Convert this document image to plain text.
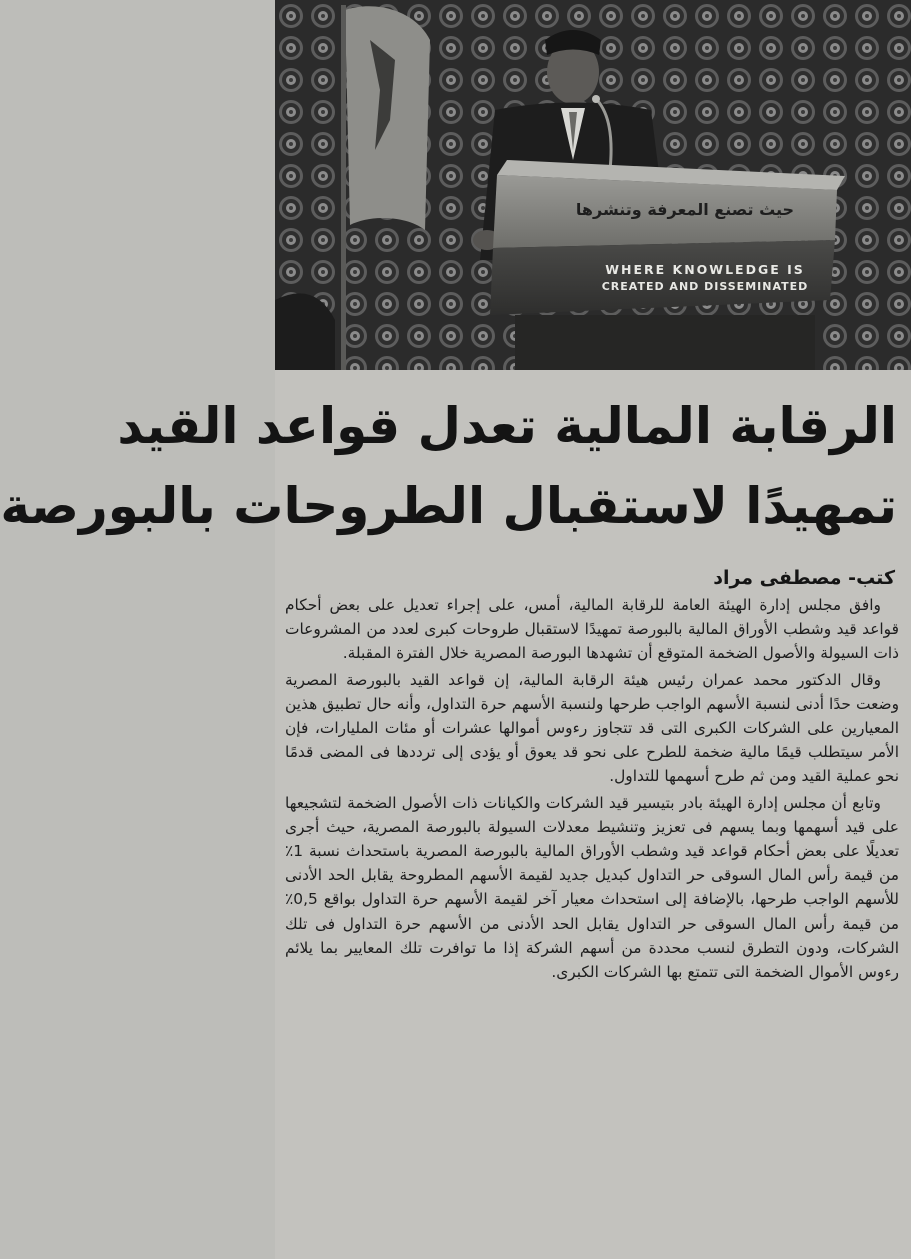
حيث تصنع المعرفة وتنشرها
WHERE KNOWLEDGE IS
CREATED AND DISSEMINATED
الرقابة المالية تعدل قواعد القيد
تمهيدًا لاستقبال الطروحات بالبورصة
كتب- مصطفى مراد

وافق مجلس إدارة الهيئة العامة للرقابة المالية، أمس، على إجراء تعديل على بعض أحكام قواعد قيد وشطب الأوراق المالية بالبورصة تمهيدًا لاستقبال طروحات كبرى لعدد من المشروعات ذات السيولة والأصول الضخمة المتوقع أن تشهدها البورصة المصرية خلال الفترة المقبلة.

وقال الدكتور محمد عمران رئيس هيئة الرقابة المالية، إن قواعد القيد بالبورصة المصرية وضعت حدًا أدنى لنسبة الأسهم الواجب طرحها ولنسبة الأسهم حرة التداول، وأنه حال تطبيق هذين المعيارين على الشركات الكبرى التى قد تتجاوز رءوس أموالها عشرات أو مئات المليارات، فإن الأمر سيتطلب قيمًا مالية ضخمة للطرح على نحو قد يعوق أو يؤدى إلى ترددها فى المضى قدمًا نحو عملية القيد ومن ثم طرح أسهمها للتداول.

وتابع أن مجلس إدارة الهيئة بادر بتيسير قيد الشركات والكيانات ذات الأصول الضخمة لتشجيعها على قيد أسهمها وبما يسهم فى تعزيز وتنشيط معدلات السيولة بالبورصة المصرية، حيث أجرى تعديلًا على بعض أحكام قواعد قيد وشطب الأوراق المالية بالبورصة المصرية باستحداث نسبة 1٪ من قيمة رأس المال السوقى حر التداول كبديل جديد لقيمة الأسهم المطروحة يقابل الحد الأدنى للأسهم الواجب طرحها، بالإضافة إلى استحداث معيار آخر لقيمة الأسهم حرة التداول بواقع 0,5٪ من قيمة رأس المال السوقى حر التداول يقابل الحد الأدنى من الأسهم حرة التداول فى تلك الشركات، ودون التطرق لنسب محددة من أسهم الشركة إذا ما توافرت تلك المعايير بما يلائم رءوس الأموال الضخمة التى تتمتع بها الشركات الكبرى.
